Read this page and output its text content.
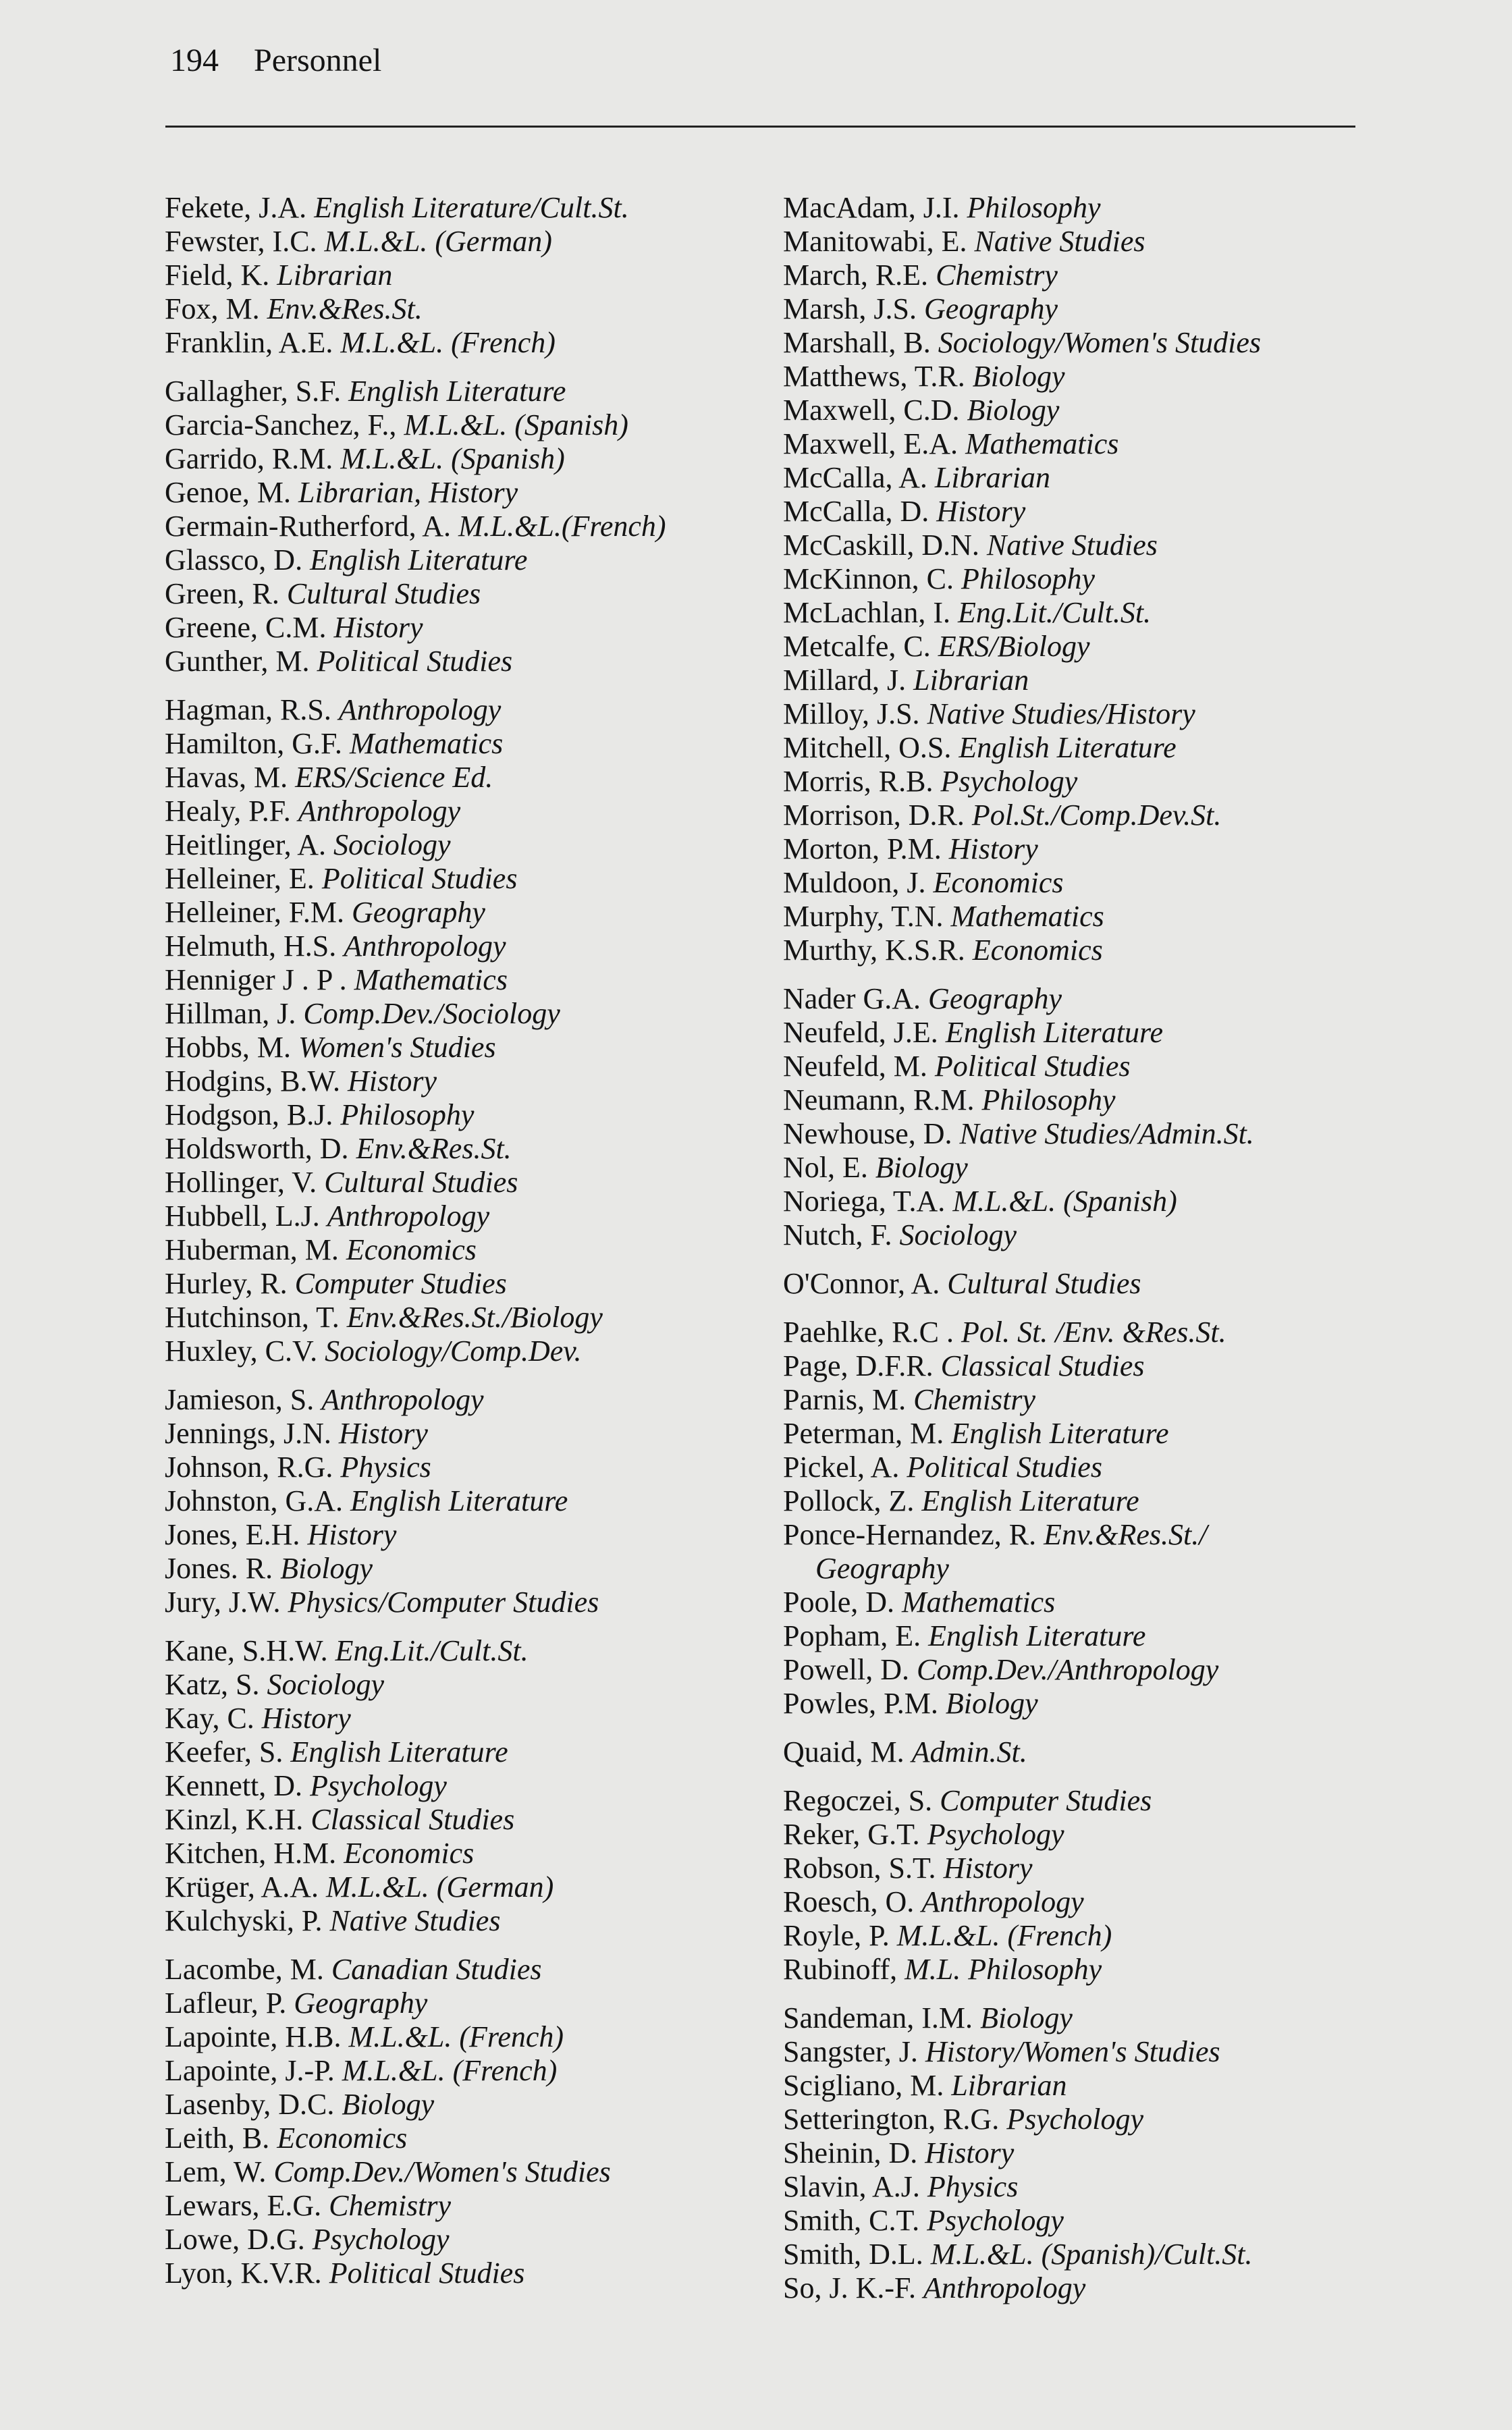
194 Personnel
Fekete, J.A. English Literature/Cult.St.
Fewster, I.C. M.L.&L. (German)
Field, K. Librarian
Fox, M. Env.&Res.St.
Franklin, A.E. M.L.&L. (French)
Gallagher, S.F. English Literature
Garcia-Sanchez, F., M.L.&L. (Spanish)
Garrido, R.M. M.L.&L. (Spanish)
Genoe, M. Librarian, History
Germain-Rutherford, A. M.L.&L.(French)
Glassco, D. English Literature
Green, R. Cultural Studies
Greene, C.M. History
Gunther, M. Political Studies
Hagman, R.S. Anthropology
Hamilton, G.F. Mathematics
Havas, M. ERS/Science Ed.
Healy, P.F. Anthropology
Heitlinger, A. Sociology
Helleiner, E. Political Studies
Helleiner, F.M. Geography
Helmuth, H.S. Anthropology
Henniger J . P . Mathematics
Hillman, J. Comp.Dev./Sociology
Hobbs, M. Women's Studies
Hodgins, B.W. History
Hodgson, B.J. Philosophy
Holdsworth, D. Env.&Res.St.
Hollinger, V. Cultural Studies
Hubbell, L.J. Anthropology
Huberman, M. Economics
Hurley, R. Computer Studies
Hutchinson, T. Env.&Res.St./Biology
Huxley, C.V. Sociology/Comp.Dev.
Jamieson, S. Anthropology
Jennings, J.N. History
Johnson, R.G. Physics
Johnston, G.A. English Literature
Jones, E.H. History
Jones. R. Biology
Jury, J.W. Physics/Computer Studies
Kane, S.H.W. Eng.Lit./Cult.St.
Katz, S. Sociology
Kay, C. History
Keefer, S. English Literature
Kennett, D. Psychology
Kinzl, K.H. Classical Studies
Kitchen, H.M. Economics
Krüger, A.A. M.L.&L. (German)
Kulchyski, P. Native Studies
Lacombe, M. Canadian Studies
Lafleur, P. Geography
Lapointe, H.B. M.L.&L. (French)
Lapointe, J.-P. M.L.&L. (French)
Lasenby, D.C. Biology
Leith, B. Economics
Lem, W. Comp.Dev./Women's Studies
Lewars, E.G. Chemistry
Lowe, D.G. Psychology
Lyon, K.V.R. Political Studies
MacAdam, J.I. Philosophy
Manitowabi, E. Native Studies
March, R.E. Chemistry
Marsh, J.S. Geography
Marshall, B. Sociology/Women's Studies
Matthews, T.R. Biology
Maxwell, C.D. Biology
Maxwell, E.A. Mathematics
McCalla, A. Librarian
McCalla, D. History
McCaskill, D.N. Native Studies
McKinnon, C. Philosophy
McLachlan, I. Eng.Lit./Cult.St.
Metcalfe, C. ERS/Biology
Millard, J. Librarian
Milloy, J.S. Native Studies/History
Mitchell, O.S. English Literature
Morris, R.B. Psychology
Morrison, D.R. Pol.St./Comp.Dev.St.
Morton, P.M. History
Muldoon, J. Economics
Murphy, T.N. Mathematics
Murthy, K.S.R. Economics
Nader G.A. Geography
Neufeld, J.E. English Literature
Neufeld, M. Political Studies
Neumann, R.M. Philosophy
Newhouse, D. Native Studies/Admin.St.
Nol, E. Biology
Noriega, T.A. M.L.&L. (Spanish)
Nutch, F. Sociology
O'Connor, A. Cultural Studies
Paehlke, R.C . Pol. St. /Env. &Res.St.
Page, D.F.R. Classical Studies
Parnis, M. Chemistry
Peterman, M. English Literature
Pickel, A. Political Studies
Pollock, Z. English Literature
Ponce-Hernandez, R. Env.&Res.St./
Geography
Poole, D. Mathematics
Popham, E. English Literature
Powell, D. Comp.Dev./Anthropology
Powles, P.M. Biology
Quaid, M. Admin.St.
Regoczei, S. Computer Studies
Reker, G.T. Psychology
Robson, S.T. History
Roesch, O. Anthropology
Royle, P. M.L.&L. (French)
Rubinoff, M.L. Philosophy
Sandeman, I.M. Biology
Sangster, J. History/Women's Studies
Scigliano, M. Librarian
Setterington, R.G. Psychology
Sheinin, D. History
Slavin, A.J. Physics
Smith, C.T. Psychology
Smith, D.L. M.L.&L. (Spanish)/Cult.St.
So, J. K.-F. Anthropology
